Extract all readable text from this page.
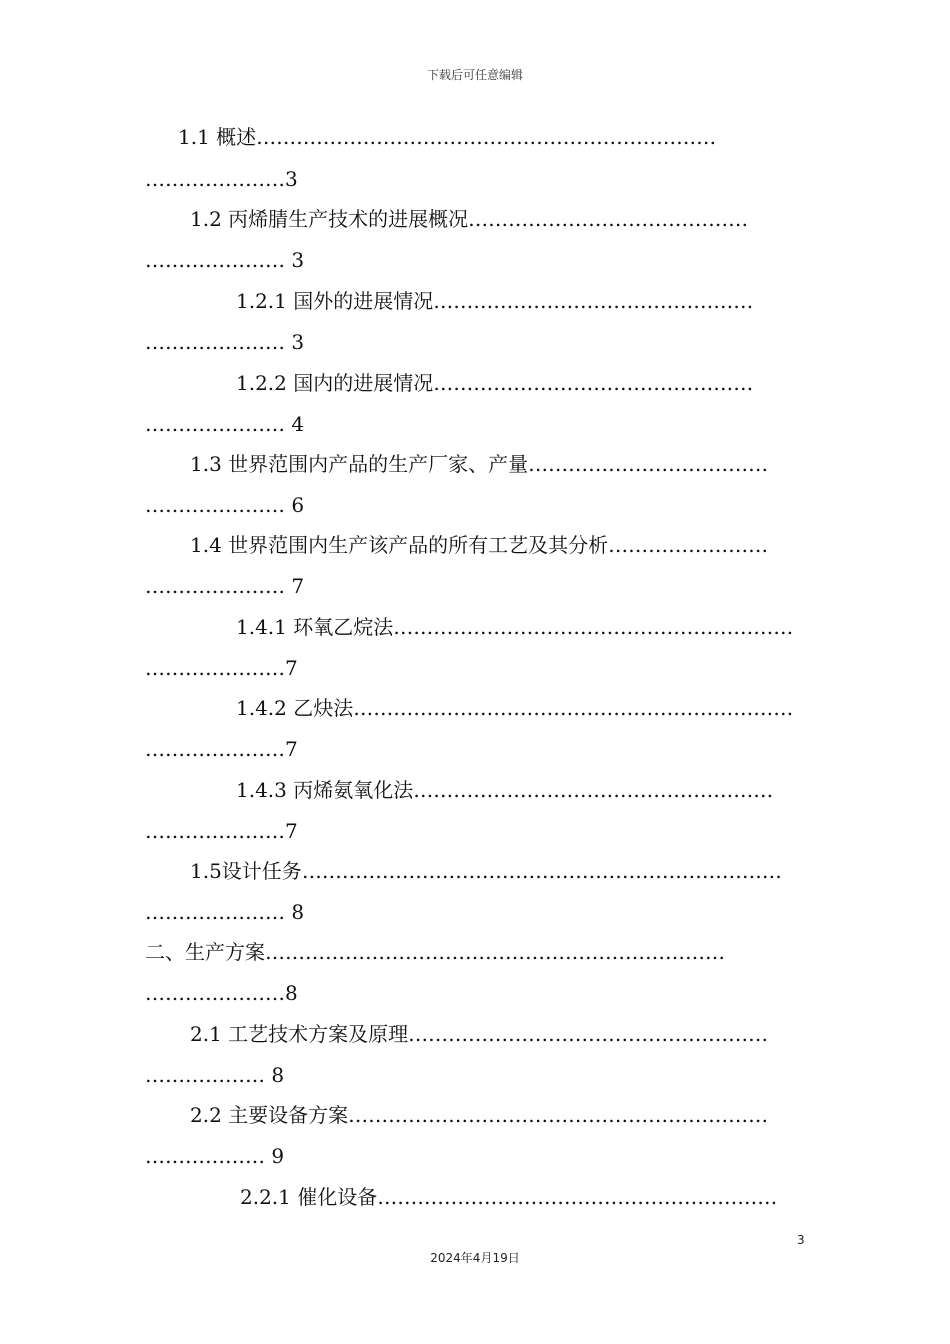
下载后可任意编辑
1.1 概述……………………………………………………………
…………………3
1.2 丙烯腈生产技术的进展概况……………………………………
………………… 3
1.2.1 国外的进展情况…………………………………………
………………… 3
1.2.2 国内的进展情况…………………………………………
………………… 4
1.3 世界范围内产品的生产厂家、产量………………………………
………………… 6
1.4 世界范围内生产该产品的所有工艺及其分析……………………
………………… 7
1.4.1 环氧乙烷法……………………………………………………
…………………7
1.4.2 乙炔法…………………………………………………………
…………………7
1.4.3 丙烯氨氧化法………………………………………………
…………………7
1.5设计任务………………………………………………………………
………………… 8
二、生产方案……………………………………………………………
…………………8
2.1 工艺技术方案及原理………………………………………………
……………… 8
2.2 主要设备方案………………………………………………………
……………… 9
2.2.1 催化设备……………………………………………………
3
2024年4月19日
